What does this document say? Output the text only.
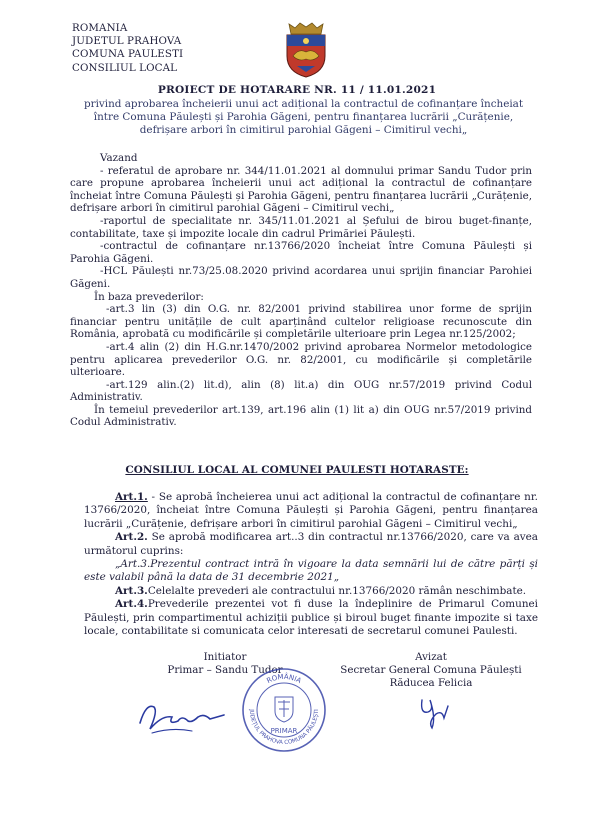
ROMANIA
JUDETUL PRAHOVA
COMUNA PAULESTI
CONSILIUL LOCAL
PROIECT DE HOTARARE NR. 11 / 11.01.2021
privind aprobarea încheierii unui act adițional la contractul de cofinanțare încheiat între Comuna Păulești și Parohia Găgeni, pentru finanțarea lucrării „Curățenie, defrișare arbori în cimitirul parohial Găgeni – Cimitirul vechi„

Vazand

- referatul de aprobare nr. 344/11.01.2021 al domnului primar Sandu Tudor prin care propune aprobarea încheierii unui act adițional la contractul de cofinanțare încheiat între Comuna Păulești și Parohia Găgeni, pentru finanțarea lucrării „Curățenie, defrișare arbori în cimitirul parohial Găgeni – Cimitirul vechi„

-raportul de specialitate nr. 345/11.01.2021 al Șefului de birou buget-finanțe, contabilitate, taxe și impozite locale din cadrul Primăriei Păulești.

-contractul de cofinanțare nr.13766/2020 încheiat între Comuna Păulești și Parohia Găgeni.

-HCL Păulești nr.73/25.08.2020 privind acordarea unui sprijin financiar Parohiei Găgeni.

În baza prevederilor:

-art.3 lin (3) din O.G. nr. 82/2001 privind stabilirea unor forme de sprijin financiar pentru unitățile de cult aparținând cultelor religioase recunoscute din România, aprobată cu modificările și completările ulterioare prin Legea nr.125/2002;

-art.4 alin (2) din H.G.nr.1470/2002 privind aprobarea Normelor metodologice pentru aplicarea prevederilor O.G. nr. 82/2001, cu modificările și completările ulterioare.

-art.129 alin.(2) lit.d), alin (8) lit.a) din OUG nr.57/2019 privind Codul Administrativ.

În temeiul prevederilor art.139, art.196 alin (1) lit a) din OUG nr.57/2019 privind Codul Administrativ.

CONSILIUL LOCAL AL COMUNEI PAULESTI HOTARASTE:

Art.1. - Se aprobă încheierea unui act adițional la contractul de cofinanțare nr. 13766/2020, încheiat între Comuna Păulești și Parohia Găgeni, pentru finanțarea lucrării „Curățenie, defrișare arbori în cimitirul parohial Găgeni – Cimitirul vechi„

Art.2. Se aprobă modificarea art..3 din contractul nr.13766/2020, care va avea următorul cuprins:

„Art.3.Prezentul contract intră în vigoare la data semnării lui de către părți și este valabil până la data de 31 decembrie 2021„

Art.3.Celelalte prevederi ale contractului nr.13766/2020 rămân neschimbate.

Art.4.Prevederile prezentei vot fi duse la îndeplinire de Primarul Comunei Păulești, prin compartimentul achiziții publice și biroul buget finante impozite si taxe locale, contabilitate si comunicata celor interesati de secretarul comunei Paulesti.

Initiator
Primar – Sandu Tudor
Avizat
Secretar General Comuna Păulești
Răducea Felicia
ROMÂNIA
JUDEȚUL PRAHOVA COMUNA PĂULEȘTI
PRIMAR
